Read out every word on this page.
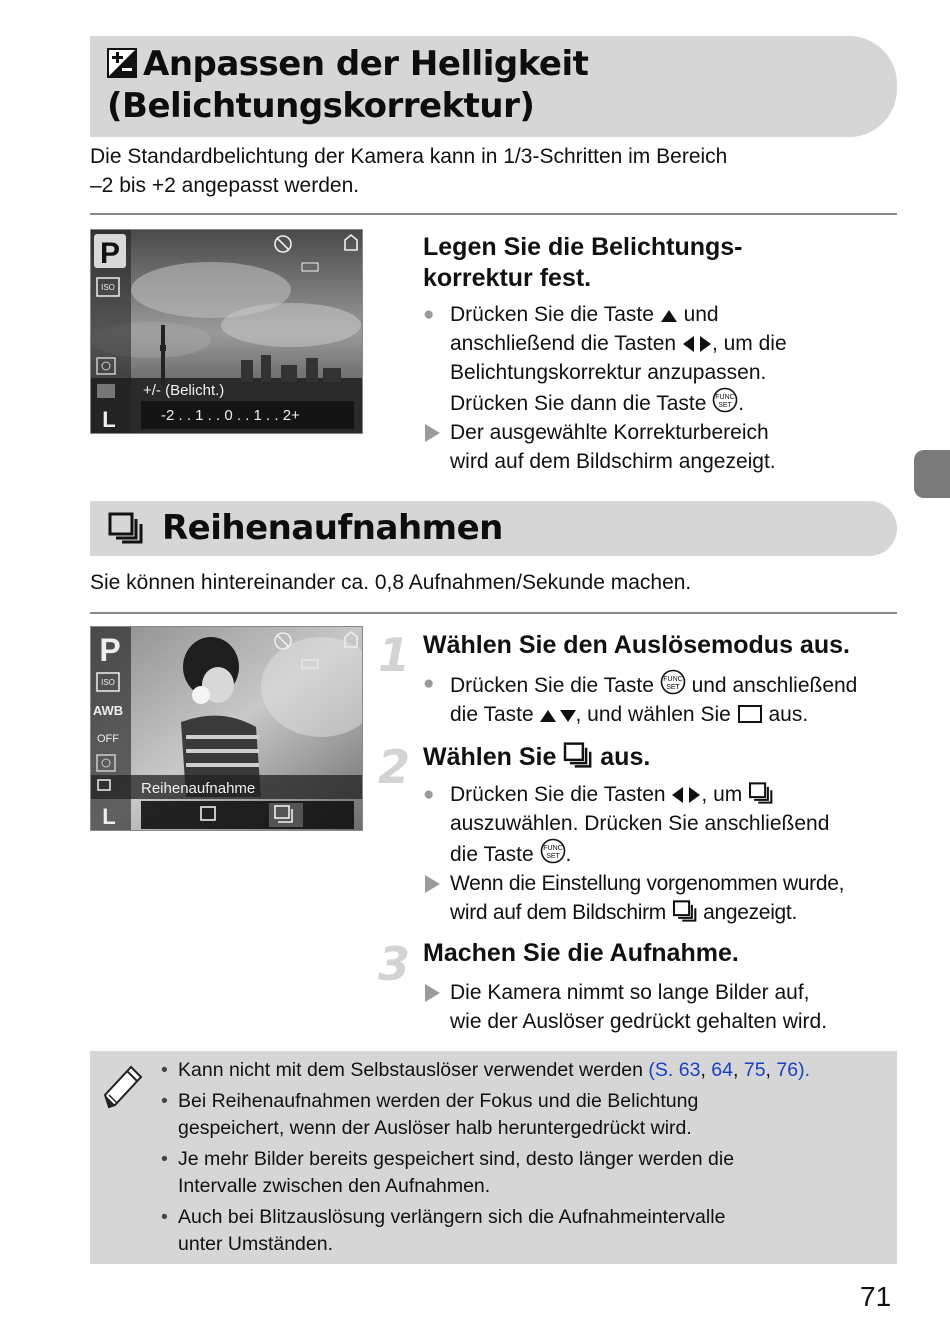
Anpassen der Helligkeit
(Belichtungskorrektur)
Die Standardbelichtung der Kamera kann in 1/3-Schritten im Bereich
–2 bis +2 angepasst werden.
P
ISO
L
+/- (Belicht.)
-2 . . 1 . . 0 . . 1 . . 2+
Legen Sie die Belichtungs-
korrektur fest.
● Drücken Sie die Taste und
anschließend die Tasten , um die
Belichtungskorrektur anzupassen.
Drücken Sie dann die Taste FUNC
SET .
Der ausgewählte Korrekturbereich
wird auf dem Bildschirm angezeigt.
Reihenaufnahmen
Sie können hintereinander ca. 0,8 Aufnahmen/Sekunde machen.
P
ISO
AWB
OFF
Reihenaufnahme
L
1 Wählen Sie den Auslösemodus aus.
● Drücken Sie die Taste FUNC
SET und anschließend
die Taste , und wählen Sie aus.
2 Wählen Sie aus.
● Drücken Sie die Tasten , um
auszuwählen. Drücken Sie anschließend
die Taste FUNC
SET .
Wenn die Einstellung vorgenommen wurde,
wird auf dem Bildschirm angezeigt.
3 Machen Sie die Aufnahme.
Die Kamera nimmt so lange Bilder auf,
wie der Auslöser gedrückt gehalten wird.
• Kann nicht mit dem Selbstauslöser verwendet werden (S. 63, 64, 75, 76).
• Bei Reihenaufnahmen werden der Fokus und die Belichtung
gespeichert, wenn der Auslöser halb heruntergedrückt wird.
• Je mehr Bilder bereits gespeichert sind, desto länger werden die
Intervalle zwischen den Aufnahmen.
• Auch bei Blitzauslösung verlängern sich die Aufnahmeintervalle
unter Umständen.
71
